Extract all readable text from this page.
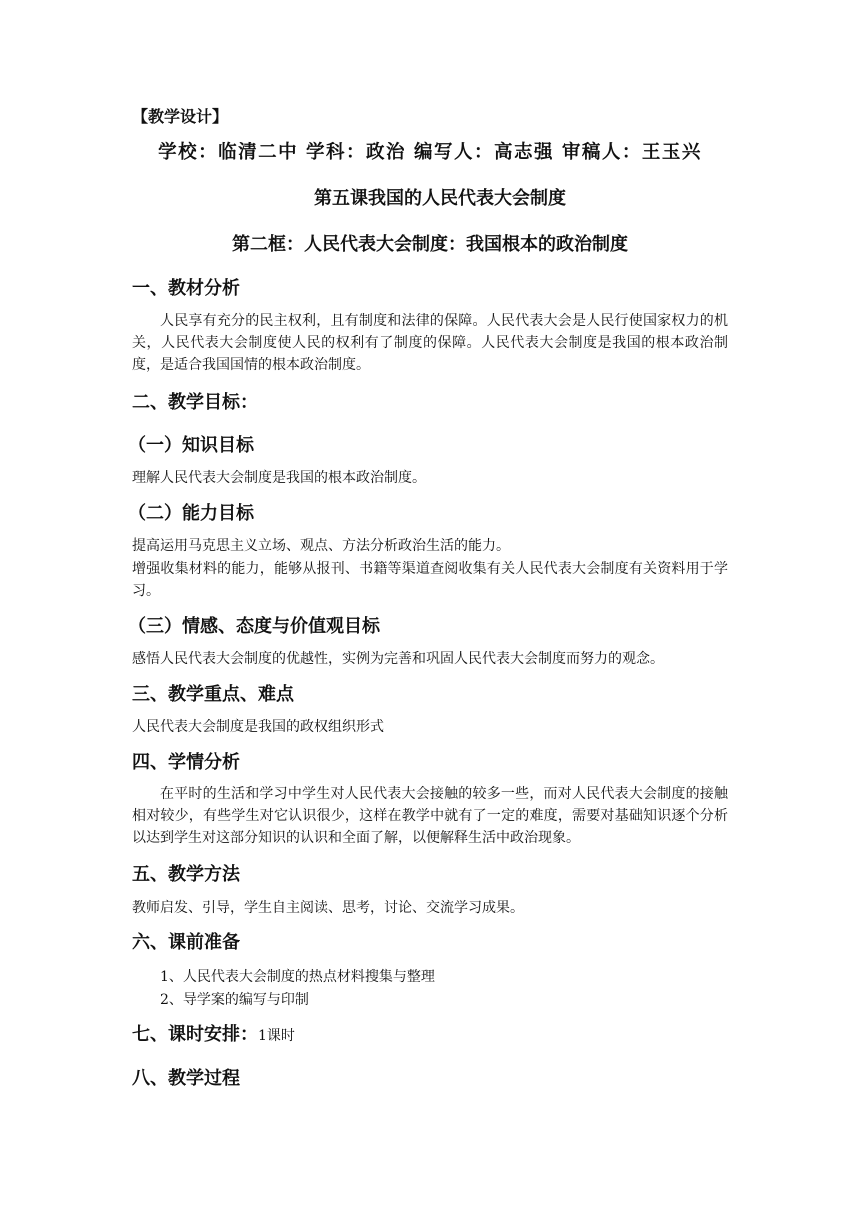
【教学设计】
学校：临清二中 学科：政治 编写人：高志强 审稿人：王玉兴
第五课我国的人民代表大会制度
第二框：人民代表大会制度：我国根本的政治制度
一、教材分析
人民享有充分的民主权利，且有制度和法律的保障。人民代表大会是人民行使国家权力的机关，人民代表大会制度使人民的权利有了制度的保障。人民代表大会制度是我国的根本政治制度，是适合我国国情的根本政治制度。
二、教学目标：
（一）知识目标
理解人民代表大会制度是我国的根本政治制度。
（二）能力目标
提高运用马克思主义立场、观点、方法分析政治生活的能力。
增强收集材料的能力，能够从报刊、书籍等渠道查阅收集有关人民代表大会制度有关资料用于学习。
（三）情感、态度与价值观目标
感悟人民代表大会制度的优越性，实例为完善和巩固人民代表大会制度而努力的观念。
三、教学重点、难点
人民代表大会制度是我国的政权组织形式
四、学情分析
在平时的生活和学习中学生对人民代表大会接触的较多一些，而对人民代表大会制度的接触相对较少，有些学生对它认识很少，这样在教学中就有了一定的难度，需要对基础知识逐个分析以达到学生对这部分知识的认识和全面了解，以便解释生活中政治现象。
五、教学方法
教师启发、引导，学生自主阅读、思考，讨论、交流学习成果。
六、课前准备
1、人民代表大会制度的热点材料搜集与整理
2、导学案的编写与印制
七、课时安排：1课时
八、教学过程
